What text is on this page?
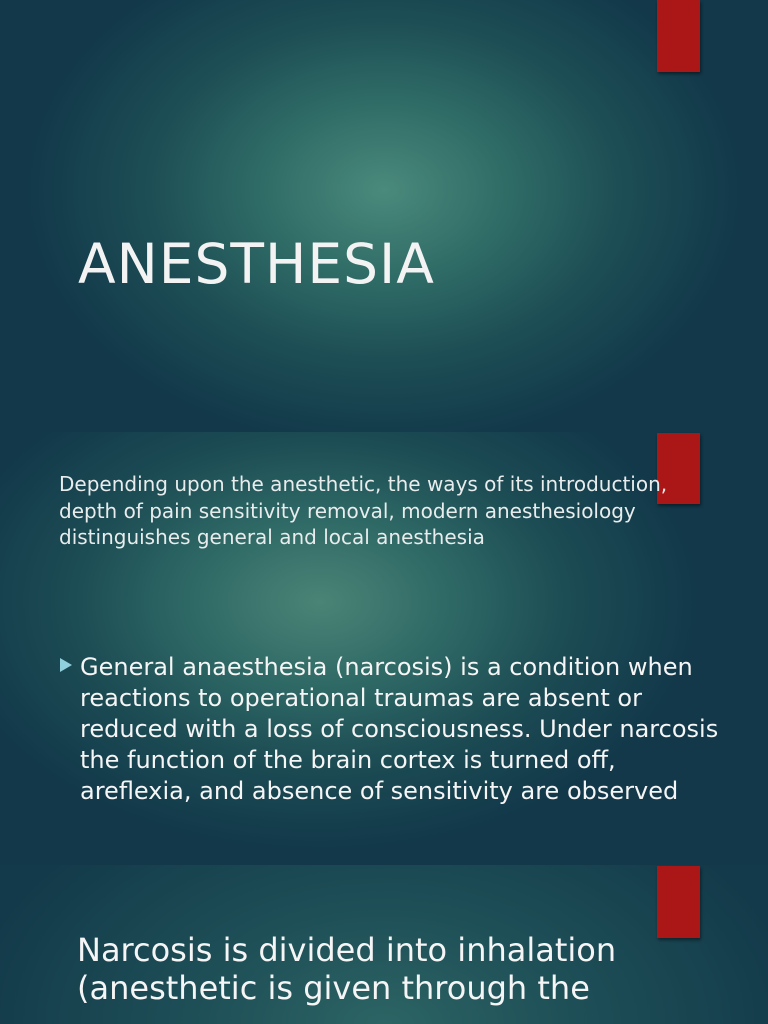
ANESTHESIA
Depending upon the anesthetic, the ways of its introduction, depth of pain sensitivity removal, modern anesthesiology distinguishes general and local anesthesia
General anaesthesia (narcosis) is a condition when reactions to operational traumas are absent or reduced with a loss of consciousness. Under narcosis the function of the brain cortex is turned off, areflexia, and absence of sensitivity are observed
Narcosis is divided into inhalation (anesthetic is given through the
